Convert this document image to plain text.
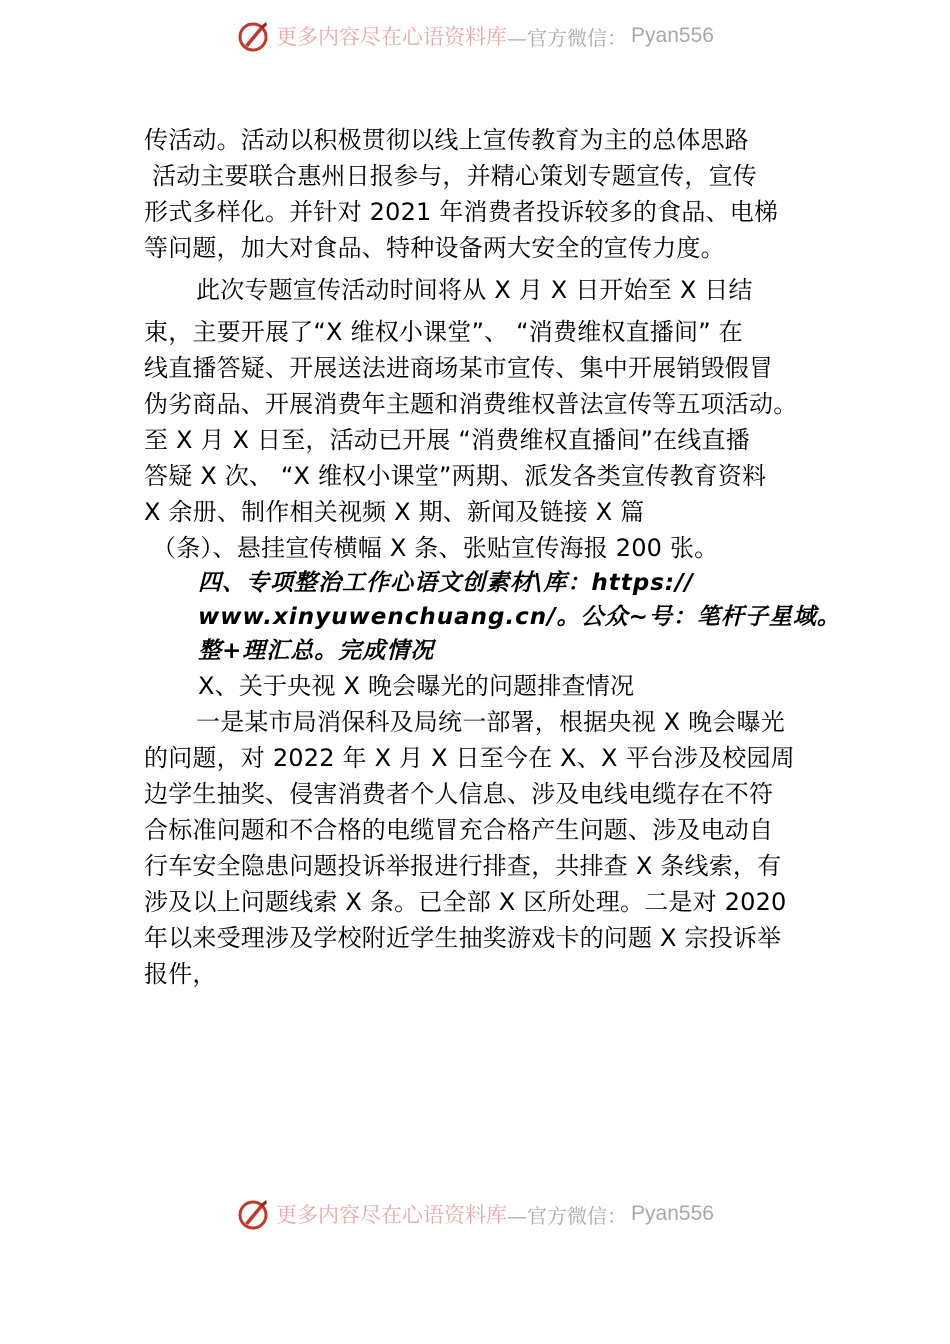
更多内容尽在心语资料库 —官方微信： Pyan556
传活动。活动以积极贯彻以线上宣传教育为主的总体思路
活动主要联合惠州日报参与，并精心策划专题宣传，宣传
形式多样化。并针对 2021 年消费者投诉较多的食品、电梯
等问题，加大对食品、特种设备两大安全的宣传力度。
此次专题宣传活动时间将从 X 月 X 日开始至 X 日结
束，主要开展了“X 维权小课堂”、 “消费维权直播间” 在
线直播答疑、开展送法进商场某市宣传、集中开展销毁假冒
伪劣商品、开展消费年主题和消费维权普法宣传等五项活动。
至 X 月 X 日至，活动已开展 “消费维权直播间”在线直播
答疑 X 次、 “X 维权小课堂”两期、派发各类宣传教育资料
X 余册、制作相关视频 X 期、新闻及链接 X 篇
（条）、悬挂宣传横幅 X 条、张贴宣传海报 200 张。
四、专项整治工作心语文创素材\库：https://
www.xinyuwenchuang.cn/。公众~号：笔杆子星域。
整+理汇总。完成情况
X、关于央视 X 晚会曝光的问题排查情况
一是某市局消保科及局统一部署，根据央视 X 晚会曝光
的问题，对 2022 年 X 月 X 日至今在 X、X 平台涉及校园周
边学生抽奖、侵害消费者个人信息、涉及电线电缆存在不符
合标准问题和不合格的电缆冒充合格产生问题、涉及电动自
行车安全隐患问题投诉举报进行排查，共排查 X 条线索，有
涉及以上问题线索 X 条。已全部 X 区所处理。二是对 2020
年以来受理涉及学校附近学生抽奖游戏卡的问题 X 宗投诉举
报件，
更多内容尽在心语资料库 —官方微信： Pyan556
